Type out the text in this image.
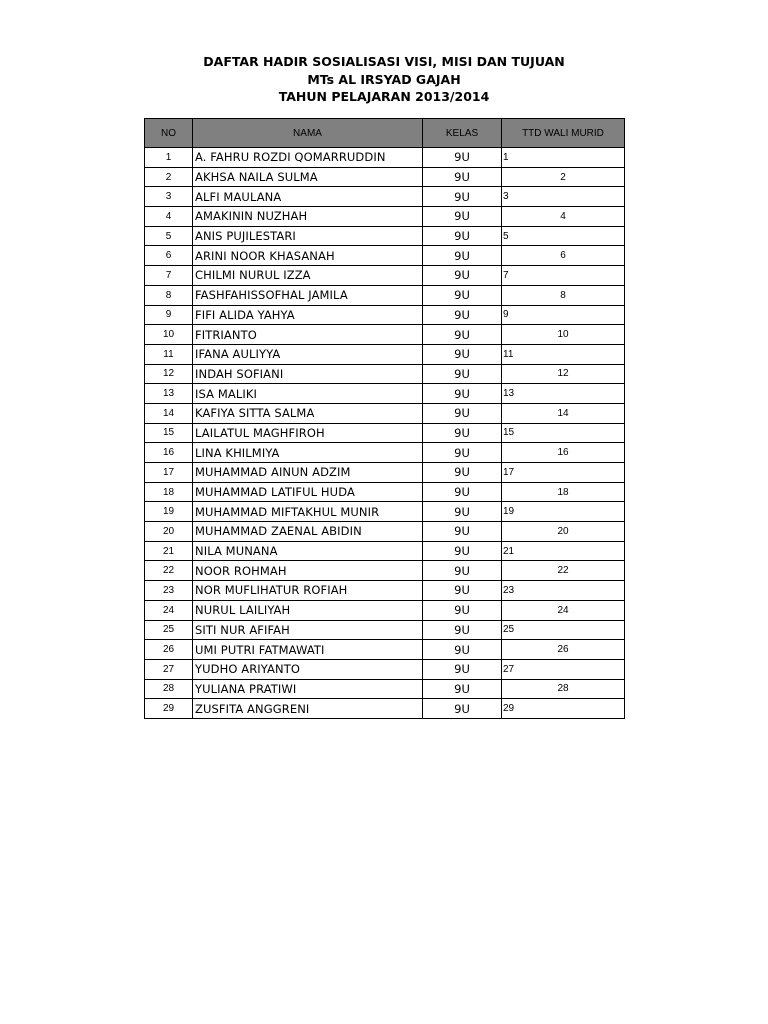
DAFTAR HADIR SOSIALISASI VISI, MISI DAN TUJUAN
MTs AL IRSYAD GAJAH
TAHUN PELAJARAN 2013/2014
NO	NAMA	KELAS	TTD WALI MURID
1	A. FAHRU ROZDI QOMARRUDDIN	9U	1
2	AKHSA NAILA SULMA	9U	2
3	ALFI MAULANA	9U	3
4	AMAKININ NUZHAH	9U	4
5	ANIS PUJILESTARI	9U	5
6	ARINI NOOR KHASANAH	9U	6
7	CHILMI NURUL IZZA	9U	7
8	FASHFAHISSOFHAL JAMILA	9U	8
9	FIFI ALIDA YAHYA	9U	9
10	FITRIANTO	9U	10
11	IFANA AULIYYA	9U	11
12	INDAH SOFIANI	9U	12
13	ISA MALIKI	9U	13
14	KAFIYA SITTA SALMA	9U	14
15	LAILATUL MAGHFIROH	9U	15
16	LINA KHILMIYA	9U	16
17	MUHAMMAD AINUN ADZIM	9U	17
18	MUHAMMAD LATIFUL HUDA	9U	18
19	MUHAMMAD MIFTAKHUL MUNIR	9U	19
20	MUHAMMAD ZAENAL ABIDIN	9U	20
21	NILA MUNANA	9U	21
22	NOOR ROHMAH	9U	22
23	NOR MUFLIHATUR ROFIAH	9U	23
24	NURUL LAILIYAH	9U	24
25	SITI NUR AFIFAH	9U	25
26	UMI PUTRI FATMAWATI	9U	26
27	YUDHO ARIYANTO	9U	27
28	YULIANA PRATIWI	9U	28
29	ZUSFITA ANGGRENI	9U	29
